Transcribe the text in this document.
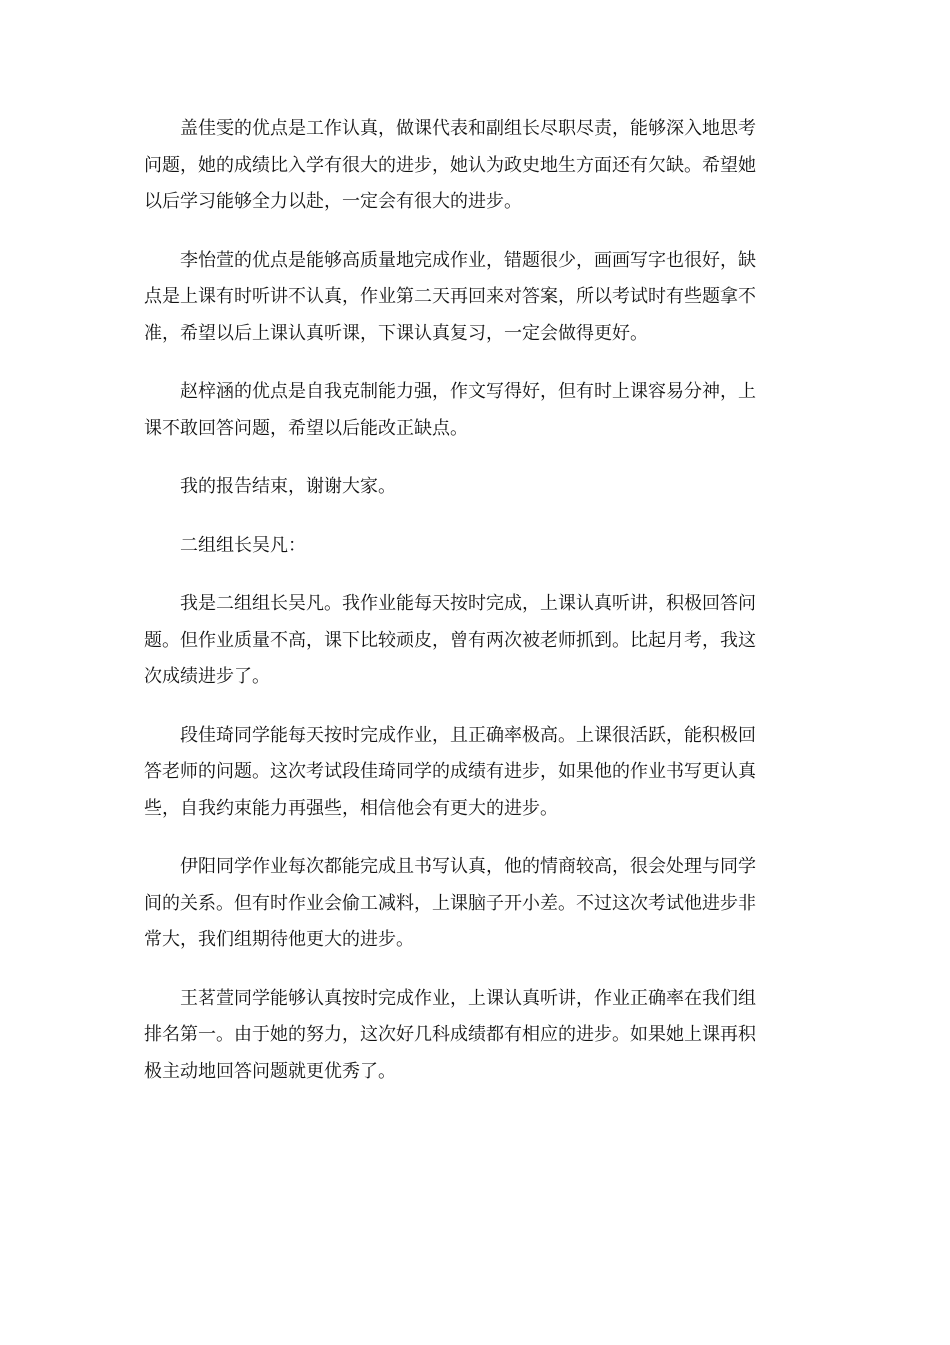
盖佳雯的优点是工作认真，做课代表和副组长尽职尽责，能够深入地思考问题，她的成绩比入学有很大的进步，她认为政史地生方面还有欠缺。希望她以后学习能够全力以赴，一定会有很大的进步。

李怡萱的优点是能够高质量地完成作业，错题很少，画画写字也很好，缺点是上课有时听讲不认真，作业第二天再回来对答案，所以考试时有些题拿不准，希望以后上课认真听课，下课认真复习，一定会做得更好。

赵梓涵的优点是自我克制能力强，作文写得好，但有时上课容易分神，上课不敢回答问题，希望以后能改正缺点。

我的报告结束，谢谢大家。

二组组长吴凡：

我是二组组长吴凡。我作业能每天按时完成，上课认真听讲，积极回答问题。但作业质量不高，课下比较顽皮，曾有两次被老师抓到。比起月考，我这次成绩进步了。

段佳琦同学能每天按时完成作业，且正确率极高。上课很活跃，能积极回答老师的问题。这次考试段佳琦同学的成绩有进步，如果他的作业书写更认真些，自我约束能力再强些，相信他会有更大的进步。

伊阳同学作业每次都能完成且书写认真，他的情商较高，很会处理与同学间的关系。但有时作业会偷工减料，上课脑子开小差。不过这次考试他进步非常大，我们组期待他更大的进步。

王茗萱同学能够认真按时完成作业，上课认真听讲，作业正确率在我们组排名第一。由于她的努力，这次好几科成绩都有相应的进步。如果她上课再积极主动地回答问题就更优秀了。
